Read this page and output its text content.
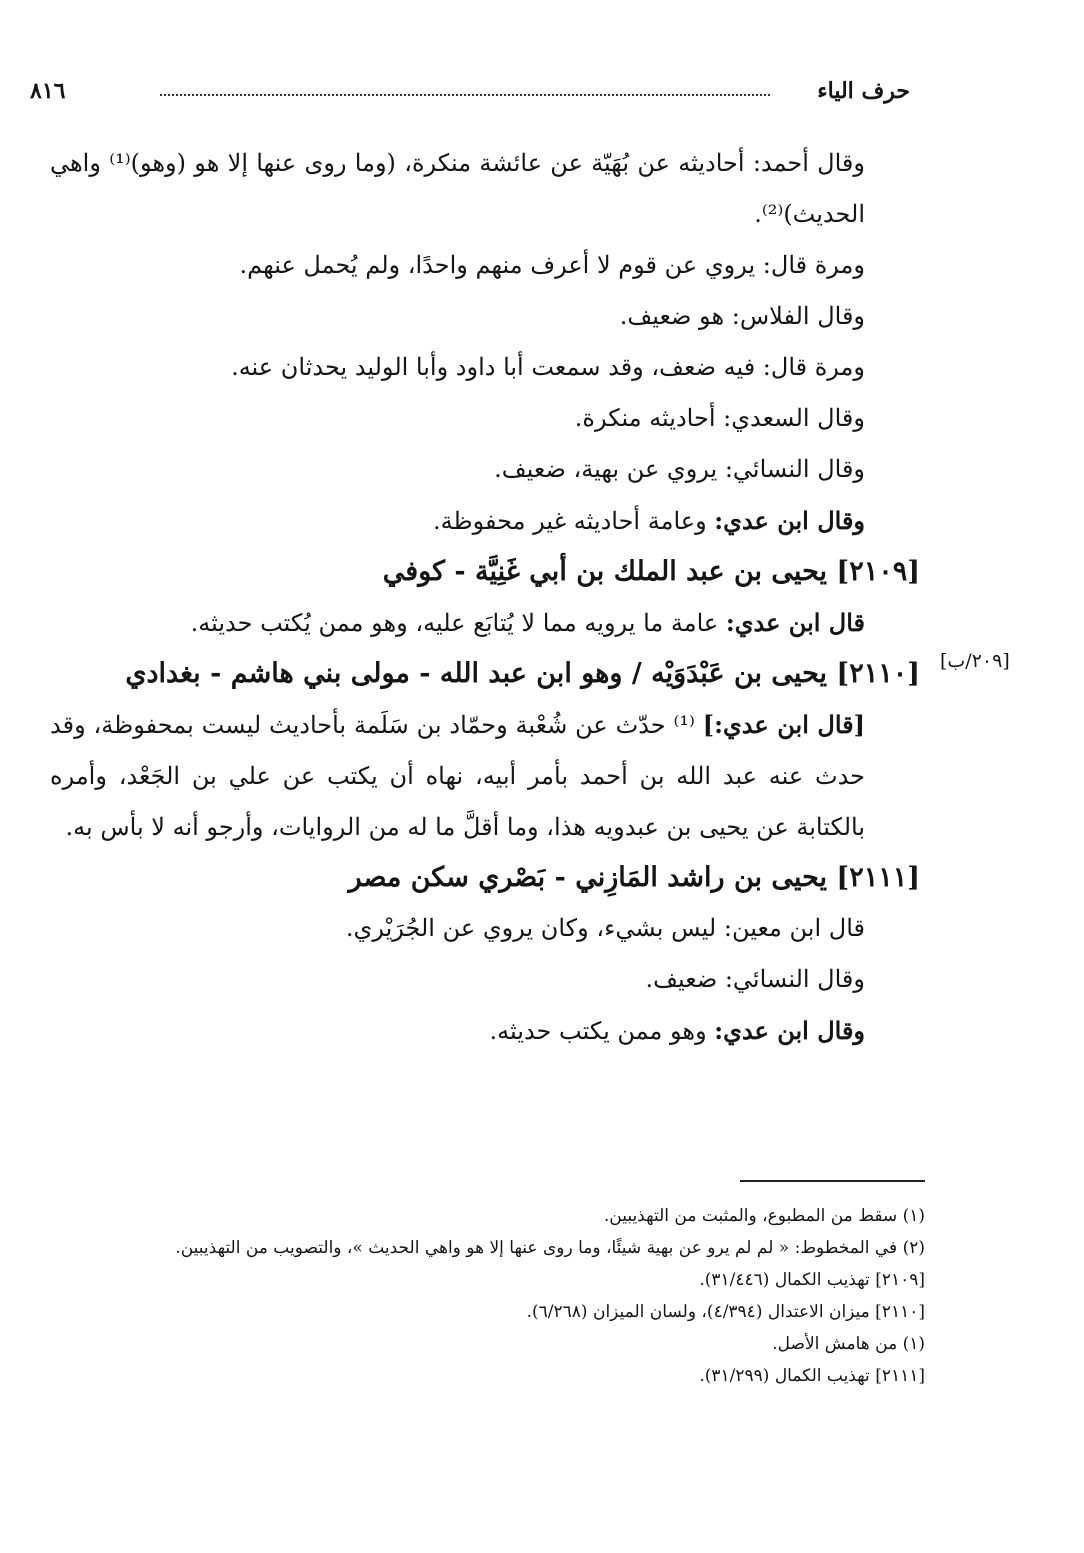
٨١٦	حرف الياء
[٢٠٩/ب]

وقال أحمد: أحاديثه عن بُهَيّة عن عائشة منكرة، (وما روى عنها إلا هو (وهو)⁽¹⁾ واهي الحديث)⁽²⁾.

ومرة قال: يروي عن قوم لا أعرف منهم واحدًا، ولم يُحمل عنهم.

وقال الفلاس: هو ضعيف.

ومرة قال: فيه ضعف، وقد سمعت أبا داود وأبا الوليد يحدثان عنه.

وقال السعدي: أحاديثه منكرة.

وقال النسائي: يروي عن بهية، ضعيف.

وقال ابن عدي: وعامة أحاديثه غير محفوظة.

[٢١٠٩] يحيى بن عبد الملك بن أبي غَنِيَّة - كوفي

قال ابن عدي: عامة ما يرويه مما لا يُتابَع عليه، وهو ممن يُكتب حديثه.

[٢١١٠] يحيى بن عَبْدَوَيْه / وهو ابن عبد الله - مولى بني هاشم - بغدادي

[قال ابن عدي:] ⁽¹⁾ حدّث عن شُعْبة وحمّاد بن سَلَمة بأحاديث ليست بمحفوظة، وقد حدث عنه عبد الله بن أحمد بأمر أبيه، نهاه أن يكتب عن علي بن الجَعْد، وأمره بالكتابة عن يحيى بن عبدويه هذا، وما أقلَّ ما له من الروايات، وأرجو أنه لا بأس به.

[٢١١١] يحيى بن راشد المَازِني - بَصْري سكن مصر

قال ابن معين: ليس بشيء، وكان يروي عن الجُرَيْري.

وقال النسائي: ضعيف.

وقال ابن عدي: وهو ممن يكتب حديثه.

(١) سقط من المطبوع، والمثبت من التهذيبين.

(٢) في المخطوط: « لم لم يرو عن بهية شيئًا، وما روى عنها إلا هو واهي الحديث »، والتصويب من التهذيبين.

[٢١٠٩] تهذيب الكمال (٣١/٤٤٦).

[٢١١٠] ميزان الاعتدال (٤/٣٩٤)، ولسان الميزان (٦/٢٦٨).

(١) من هامش الأصل.

[٢١١١] تهذيب الكمال (٣١/٢٩٩).
